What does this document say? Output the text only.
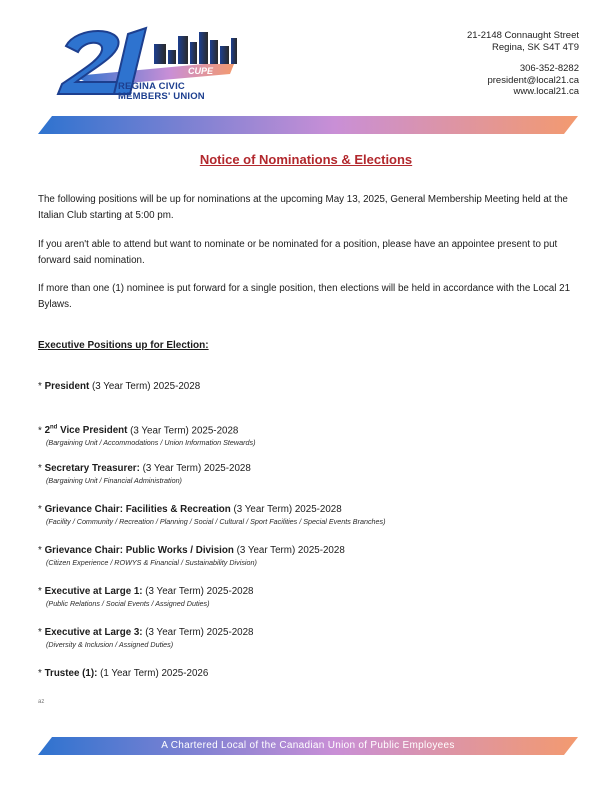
CUPE
REGINA CIVIC
MEMBERS' UNION
21-2148 Connaught Street
Regina, SK S4T 4T9
306-352-8282
president@local21.ca
www.local21.ca
Notice of Nominations & Elections
The following positions will be up for nominations at the upcoming May 13, 2025, General Membership Meeting held at the Italian Club starting at 5:00 pm.
If you aren't able to attend but want to nominate or be nominated for a position, please have an appointee present to put forward said nomination.
If more than one (1) nominee is put forward for a single position, then elections will be held in accordance with the Local 21 Bylaws.
Executive Positions up for Election:
* President (3 Year Term) 2025-2028
* 2nd Vice President (3 Year Term) 2025-2028
(Bargaining Unit / Accommodations / Union Information Stewards)
* Secretary Treasurer: (3 Year Term) 2025-2028
(Bargaining Unit / Financial Administration)
* Grievance Chair: Facilities & Recreation (3 Year Term) 2025-2028
(Facility / Community / Recreation / Planning / Social / Cultural / Sport Facilities / Special Events Branches)
* Grievance Chair: Public Works / Division (3 Year Term) 2025-2028
(Citizen Experience / ROWYS & Financial / Sustainability Division)
* Executive at Large 1: (3 Year Term) 2025-2028
(Public Relations / Social Events / Assigned Duties)
* Executive at Large 3: (3 Year Term) 2025-2028
(Diversity & Inclusion / Assigned Duties)
* Trustee (1): (1 Year Term) 2025-2026
az
A Chartered Local of the Canadian Union of Public Employees
